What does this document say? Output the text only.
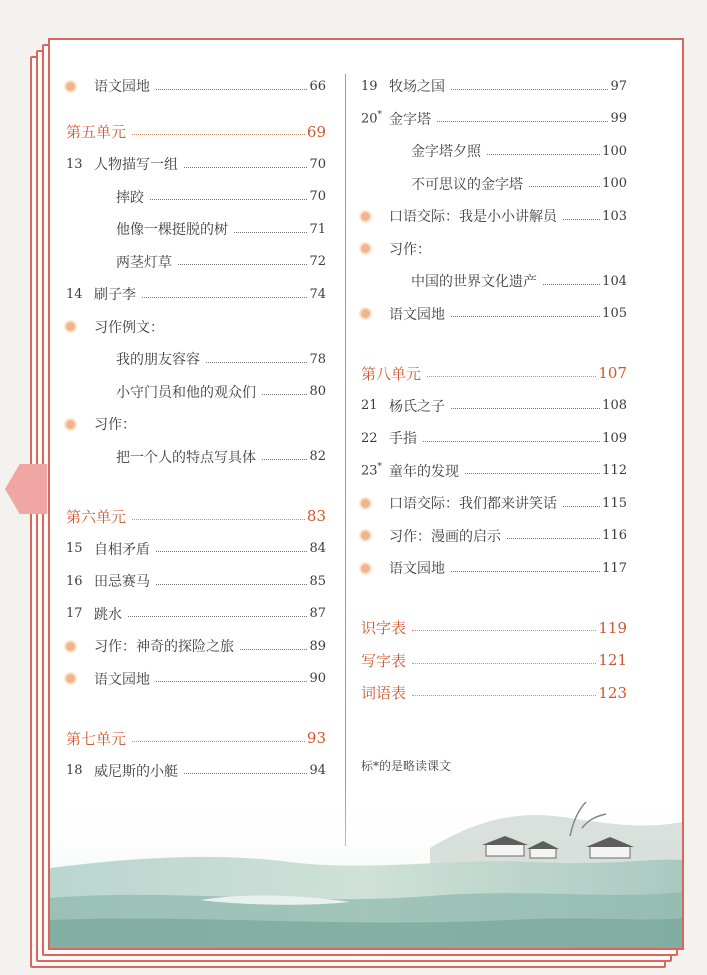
语文园地	66
第五单元	69
13 人物描写一组	70
摔跤	70
他像一棵挺脱的树	71
两茎灯草	72
14 刷子李	74
习作例文：
我的朋友容容	78
小守门员和他的观众们	80
习作：
把一个人的特点写具体	82
第六单元	83
15 自相矛盾	84
16 田忌赛马	85
17 跳水	87
习作：神奇的探险之旅	89
语文园地	90
第七单元	93
18 威尼斯的小艇	94
19 牧场之国	97
20* 金字塔	99
金字塔夕照	100
不可思议的金字塔	100
口语交际：我是小小讲解员	103
习作：
中国的世界文化遗产	104
语文园地	105
第八单元	107
21 杨氏之子	108
22 手指	109
23* 童年的发现	112
口语交际：我们都来讲笑话	115
习作：漫画的启示	116
语文园地	117
识字表	119
写字表	121
词语表	123
标*的是略读课文
